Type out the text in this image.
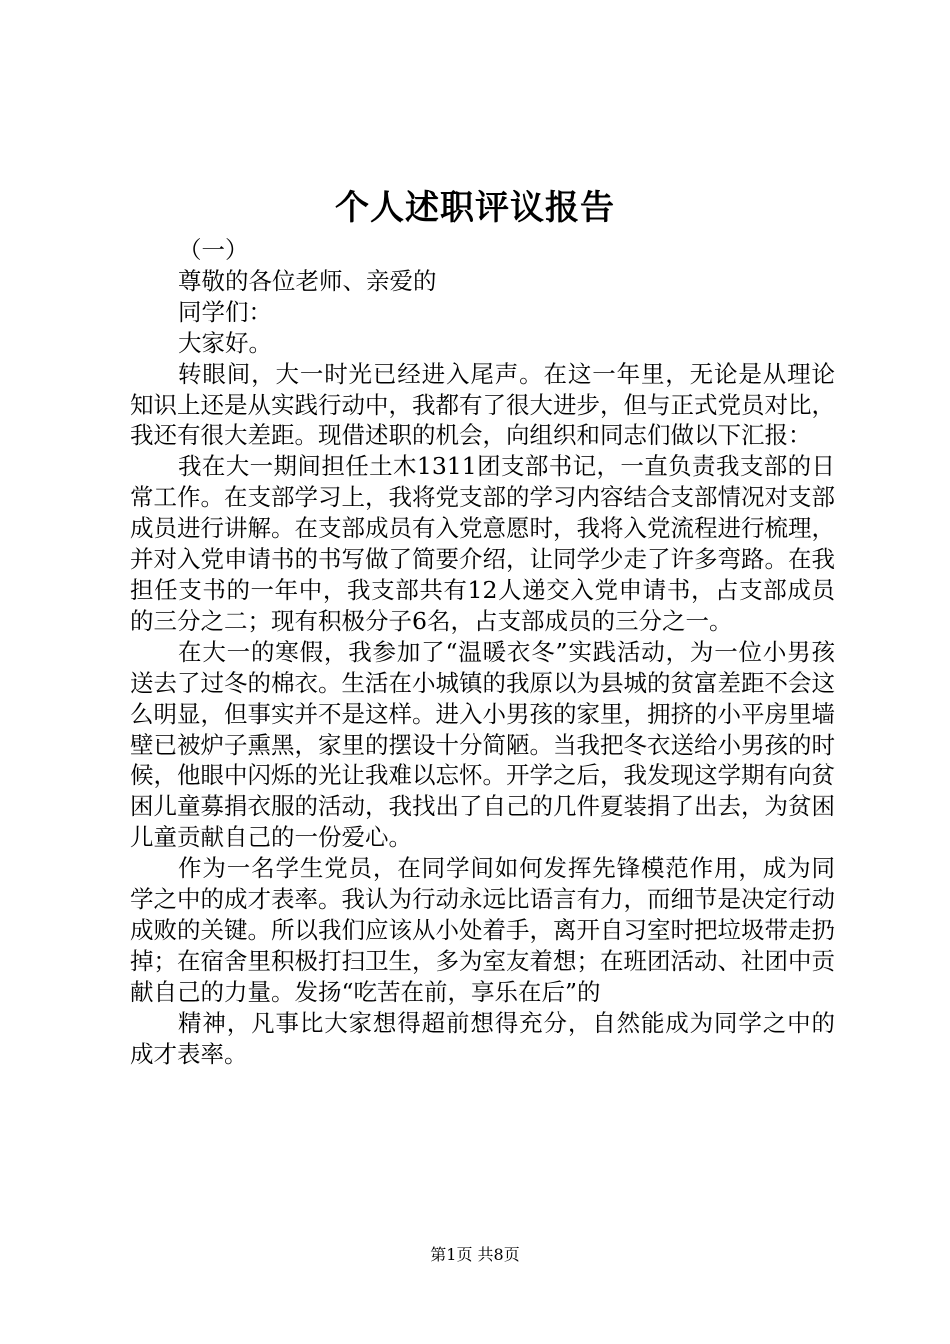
个人述职评议报告

（一）

尊敬的各位老师、亲爱的

同学们：

大家好。

转眼间，大一时光已经进入尾声。在这一年里，无论是从理论知识上还是从实践行动中，我都有了很大进步，但与正式党员对比，我还有很大差距。现借述职的机会，向组织和同志们做以下汇报：

我在大一期间担任土木1311团支部书记，一直负责我支部的日常工作。在支部学习上，我将党支部的学习内容结合支部情况对支部成员进行讲解。在支部成员有入党意愿时，我将入党流程进行梳理，并对入党申请书的书写做了简要介绍，让同学少走了许多弯路。在我担任支书的一年中，我支部共有12人递交入党申请书，占支部成员的三分之二；现有积极分子6名，占支部成员的三分之一。

在大一的寒假，我参加了“温暖衣冬”实践活动，为一位小男孩送去了过冬的棉衣。生活在小城镇的我原以为县城的贫富差距不会这么明显，但事实并不是这样。进入小男孩的家里，拥挤的小平房里墙壁已被炉子熏黑，家里的摆设十分简陋。当我把冬衣送给小男孩的时候，他眼中闪烁的光让我难以忘怀。开学之后，我发现这学期有向贫困儿童募捐衣服的活动，我找出了自己的几件夏装捐了出去，为贫困儿童贡献自己的一份爱心。

作为一名学生党员，在同学间如何发挥先锋模范作用，成为同学之中的成才表率。我认为行动永远比语言有力，而细节是决定行动成败的关键。所以我们应该从小处着手，离开自习室时把垃圾带走扔掉；在宿舍里积极打扫卫生，多为室友着想；在班团活动、社团中贡献自己的力量。发扬“吃苦在前，享乐在后”的

精神，凡事比大家想得超前想得充分，自然能成为同学之中的成才表率。

第1页 共8页
